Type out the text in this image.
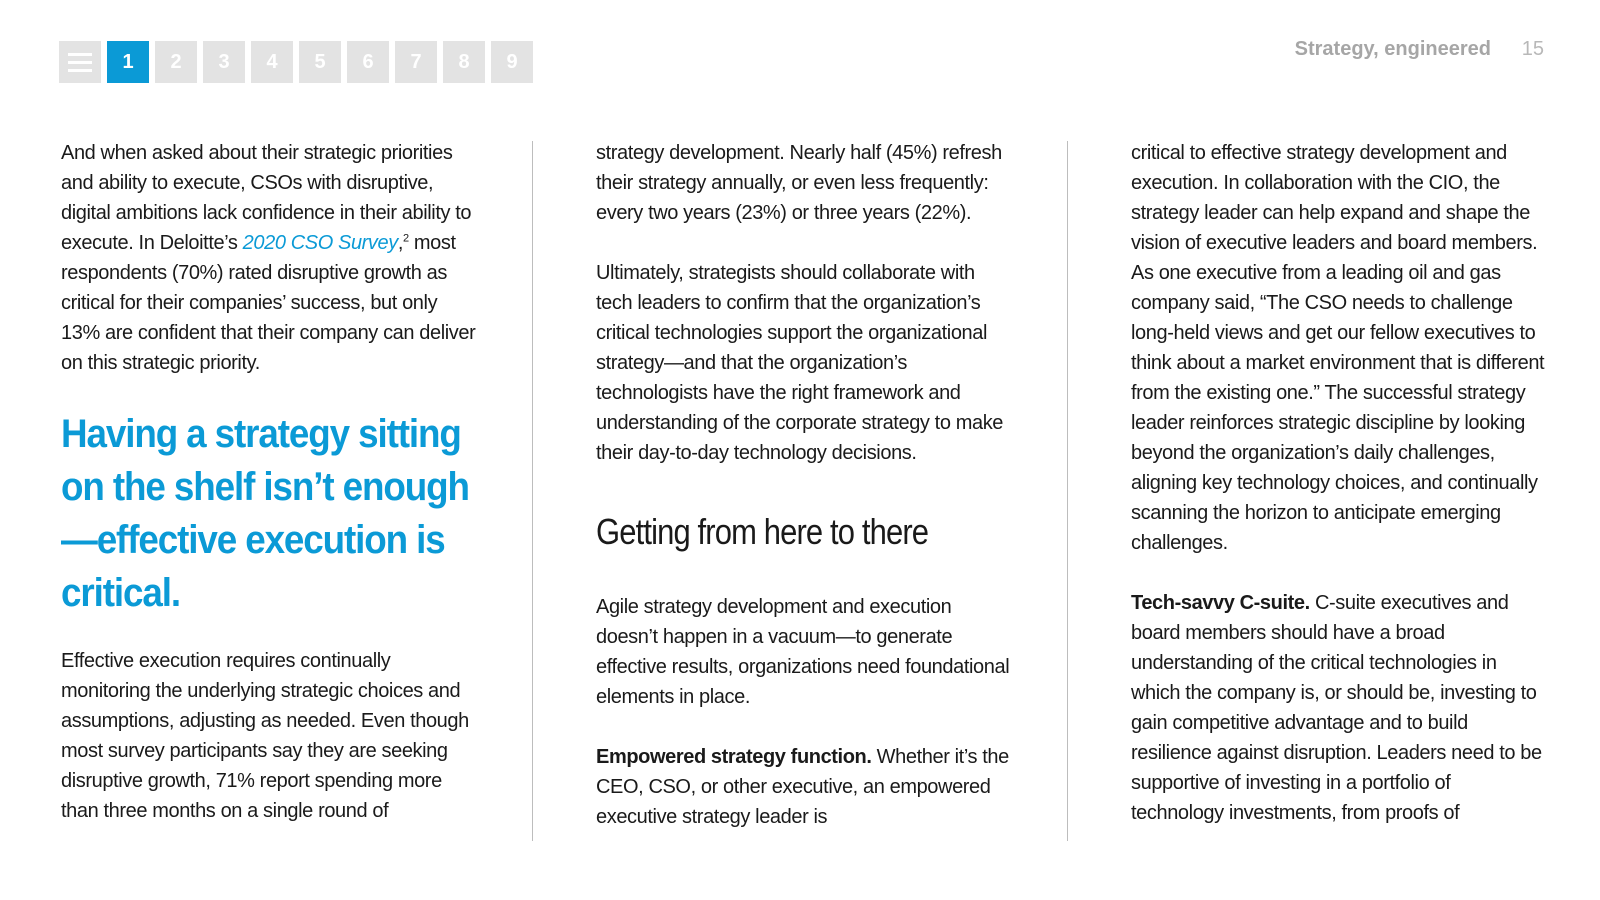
1	2	3	4	5	6	7	8	9
Strategy, engineered 15

And when asked about their strategic priorities and ability to execute, CSOs with disruptive, digital ambitions lack confidence in their ability to execute. In Deloitte’s 2020 CSO Survey,$^2$ most respondents (70%) rated disruptive growth as critical for their companies’ success, but only 13% are confident that their company can deliver on this strategic priority.

Having a strategy sitting on the shelf isn’t enough—effective execution is critical.

Effective execution requires continually monitoring the underlying strategic choices and assumptions, adjusting as needed. Even though most survey participants say they are seeking disruptive growth, 71% report spending more than three months on a single round of

strategy development. Nearly half (45%) refresh their strategy annually, or even less frequently: every two years (23%) or three years (22%).

Ultimately, strategists should collaborate with tech leaders to confirm that the organization’s critical technologies support the organizational strategy—and that the organization’s technologists have the right framework and understanding of the corporate strategy to make their day-to-day technology decisions.

Getting from here to there

Agile strategy development and execution doesn’t happen in a vacuum—to generate effective results, organizations need foundational elements in place.

Empowered strategy function. Whether it’s the CEO, CSO, or other executive, an empowered executive strategy leader is

critical to effective strategy development and execution. In collaboration with the CIO, the strategy leader can help expand and shape the vision of executive leaders and board members. As one executive from a leading oil and gas company said, “The CSO needs to challenge long-held views and get our fellow executives to think about a market environment that is different from the existing one.” The successful strategy leader reinforces strategic discipline by looking beyond the organization’s daily challenges, aligning key technology choices, and continually scanning the horizon to anticipate emerging challenges.

Tech-savvy C-suite. C-suite executives and board members should have a broad understanding of the critical technologies in which the company is, or should be, investing to gain competitive advantage and to build resilience against disruption. Leaders need to be supportive of investing in a portfolio of technology investments, from proofs of
